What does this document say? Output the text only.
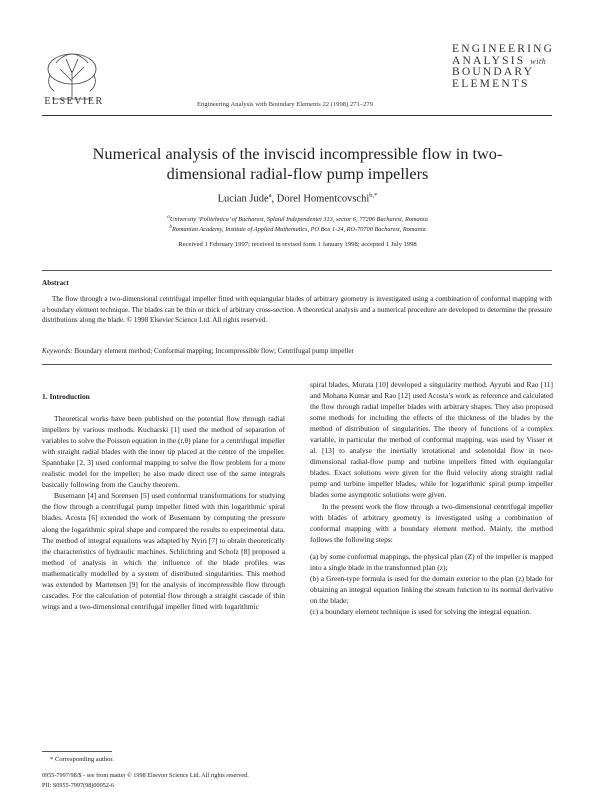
ELSEVIER	Engineering Analysis with Boundary Elements 22 (1998) 271–279
ENGINEERING
ANALYSIS with
BOUNDARY
ELEMENTS
Numerical analysis of the inviscid incompressible flow in two-
dimensional radial-flow pump impellers
Lucian Jude$^a$, Dorel Homentcovschi$^{b,*}$
$^a$University ‘Politehnica’ of Bucharest, Splaiul Independentei 313, sector 6, 77206 Bucharest, Romania
$^b$Romanian Academy, Institute of Applied Mathematics, PO Box 1-24, RO-70700 Bucharest, Romania
Received 1 February 1997; received in revised form 1 January 1998; accepted 1 July 1998
Abstract
The flow through a two-dimensional centrifugal impeller fitted with equiangular blades of arbitrary geometry is investigated using a combination of conformal mapping with a boundary element technique. The blades can be thin or thick of arbitrary cross-section. A theoretical analysis and a numerical procedure are developed to determine the pressure distributions along the blade. © 1998 Elsevier Science Ltd. All rights reserved.
Keywords: Boundary element method; Conformal mapping; Incompressible flow; Centrifugal pump impeller

1. Introduction

Theoretical works have been published on the potential flow through radial impellers by various methods. Kucharski [1] used the method of separation of variables to solve the Poisson equation in the (r,θ) plane for a centrifugal impeller with straight radial blades with the inner tip placed at the centre of the impeller. Spannhake [2, 3] used conformal mapping to solve the flow problem for a more realistic model for the impeller; he also made direct use of the same integrals basically following from the Cauchy theorem.

Busemann [4] and Sorensen [5] used conformal transformations for studying the flow through a centrifugal pump impeller fitted with thin logarithmic spiral blades. Acosta [6] extended the work of Busemann by computing the pressure along the logarithmic spiral shape and compared the results to experimental data. The method of integral equations was adapted by Nyiri [7] to obtain theoretically the characteristics of hydraulic machines. Schlichting and Scholz [8] proposed a method of analysis in which the influence of the blade profiles was mathematically modelled by a system of distributed singularities. This method was extended by Martensen [9] for the analysis of incompressible flow through cascades. For the calculation of potential flow through a straight cascade of thin wings and a two-dimensional centrifugal impeller fitted with logarithmic

spiral blades, Murata [10] developed a singularity method. Ayyubi and Rao [11] and Mohana Kumar and Rao [12] used Acosta’s work as reference and calculated the flow through radial impeller blades with arbitrary shapes. They also proposed some methods for including the effects of the thickness of the blades by the method of distribution of singularities. The theory of functions of a complex variable, in particular the method of conformal mapping, was used by Visser et al. [13] to analyse the inertially irrotational and solenoidal flow in two-dimensional radial-flow pump and turbine impellers fitted with equiangular blades. Exact solutions were given for the fluid velocity along straight radial pump and turbine impeller blades, while for logarithmic spiral pump impeller blades some asymptotic solutions were given.

In the present work the flow through a two-dimensional centrifugal impeller with blades of arbitrary geometry is investigated using a combination of conformal mapping with a boundary element method. Mainly, the method follows the following steps:

(a) by some conformal mappings, the physical plan (Z) of the impeller is mapped into a single blade in the transformed plan (z);
(b) a Green-type formula is used for the domain exterior to the plan (z) blade for obtaining an integral equation linking the stream function to its normal derivative on the blade;
(c) a boundary element technique is used for solving the integral equation.
* Corresponding author.
0955-7997/98/$ - see front matter © 1998 Elsevier Science Ltd. All rights reserved.
PII: S0955-7997(98)00052-6
